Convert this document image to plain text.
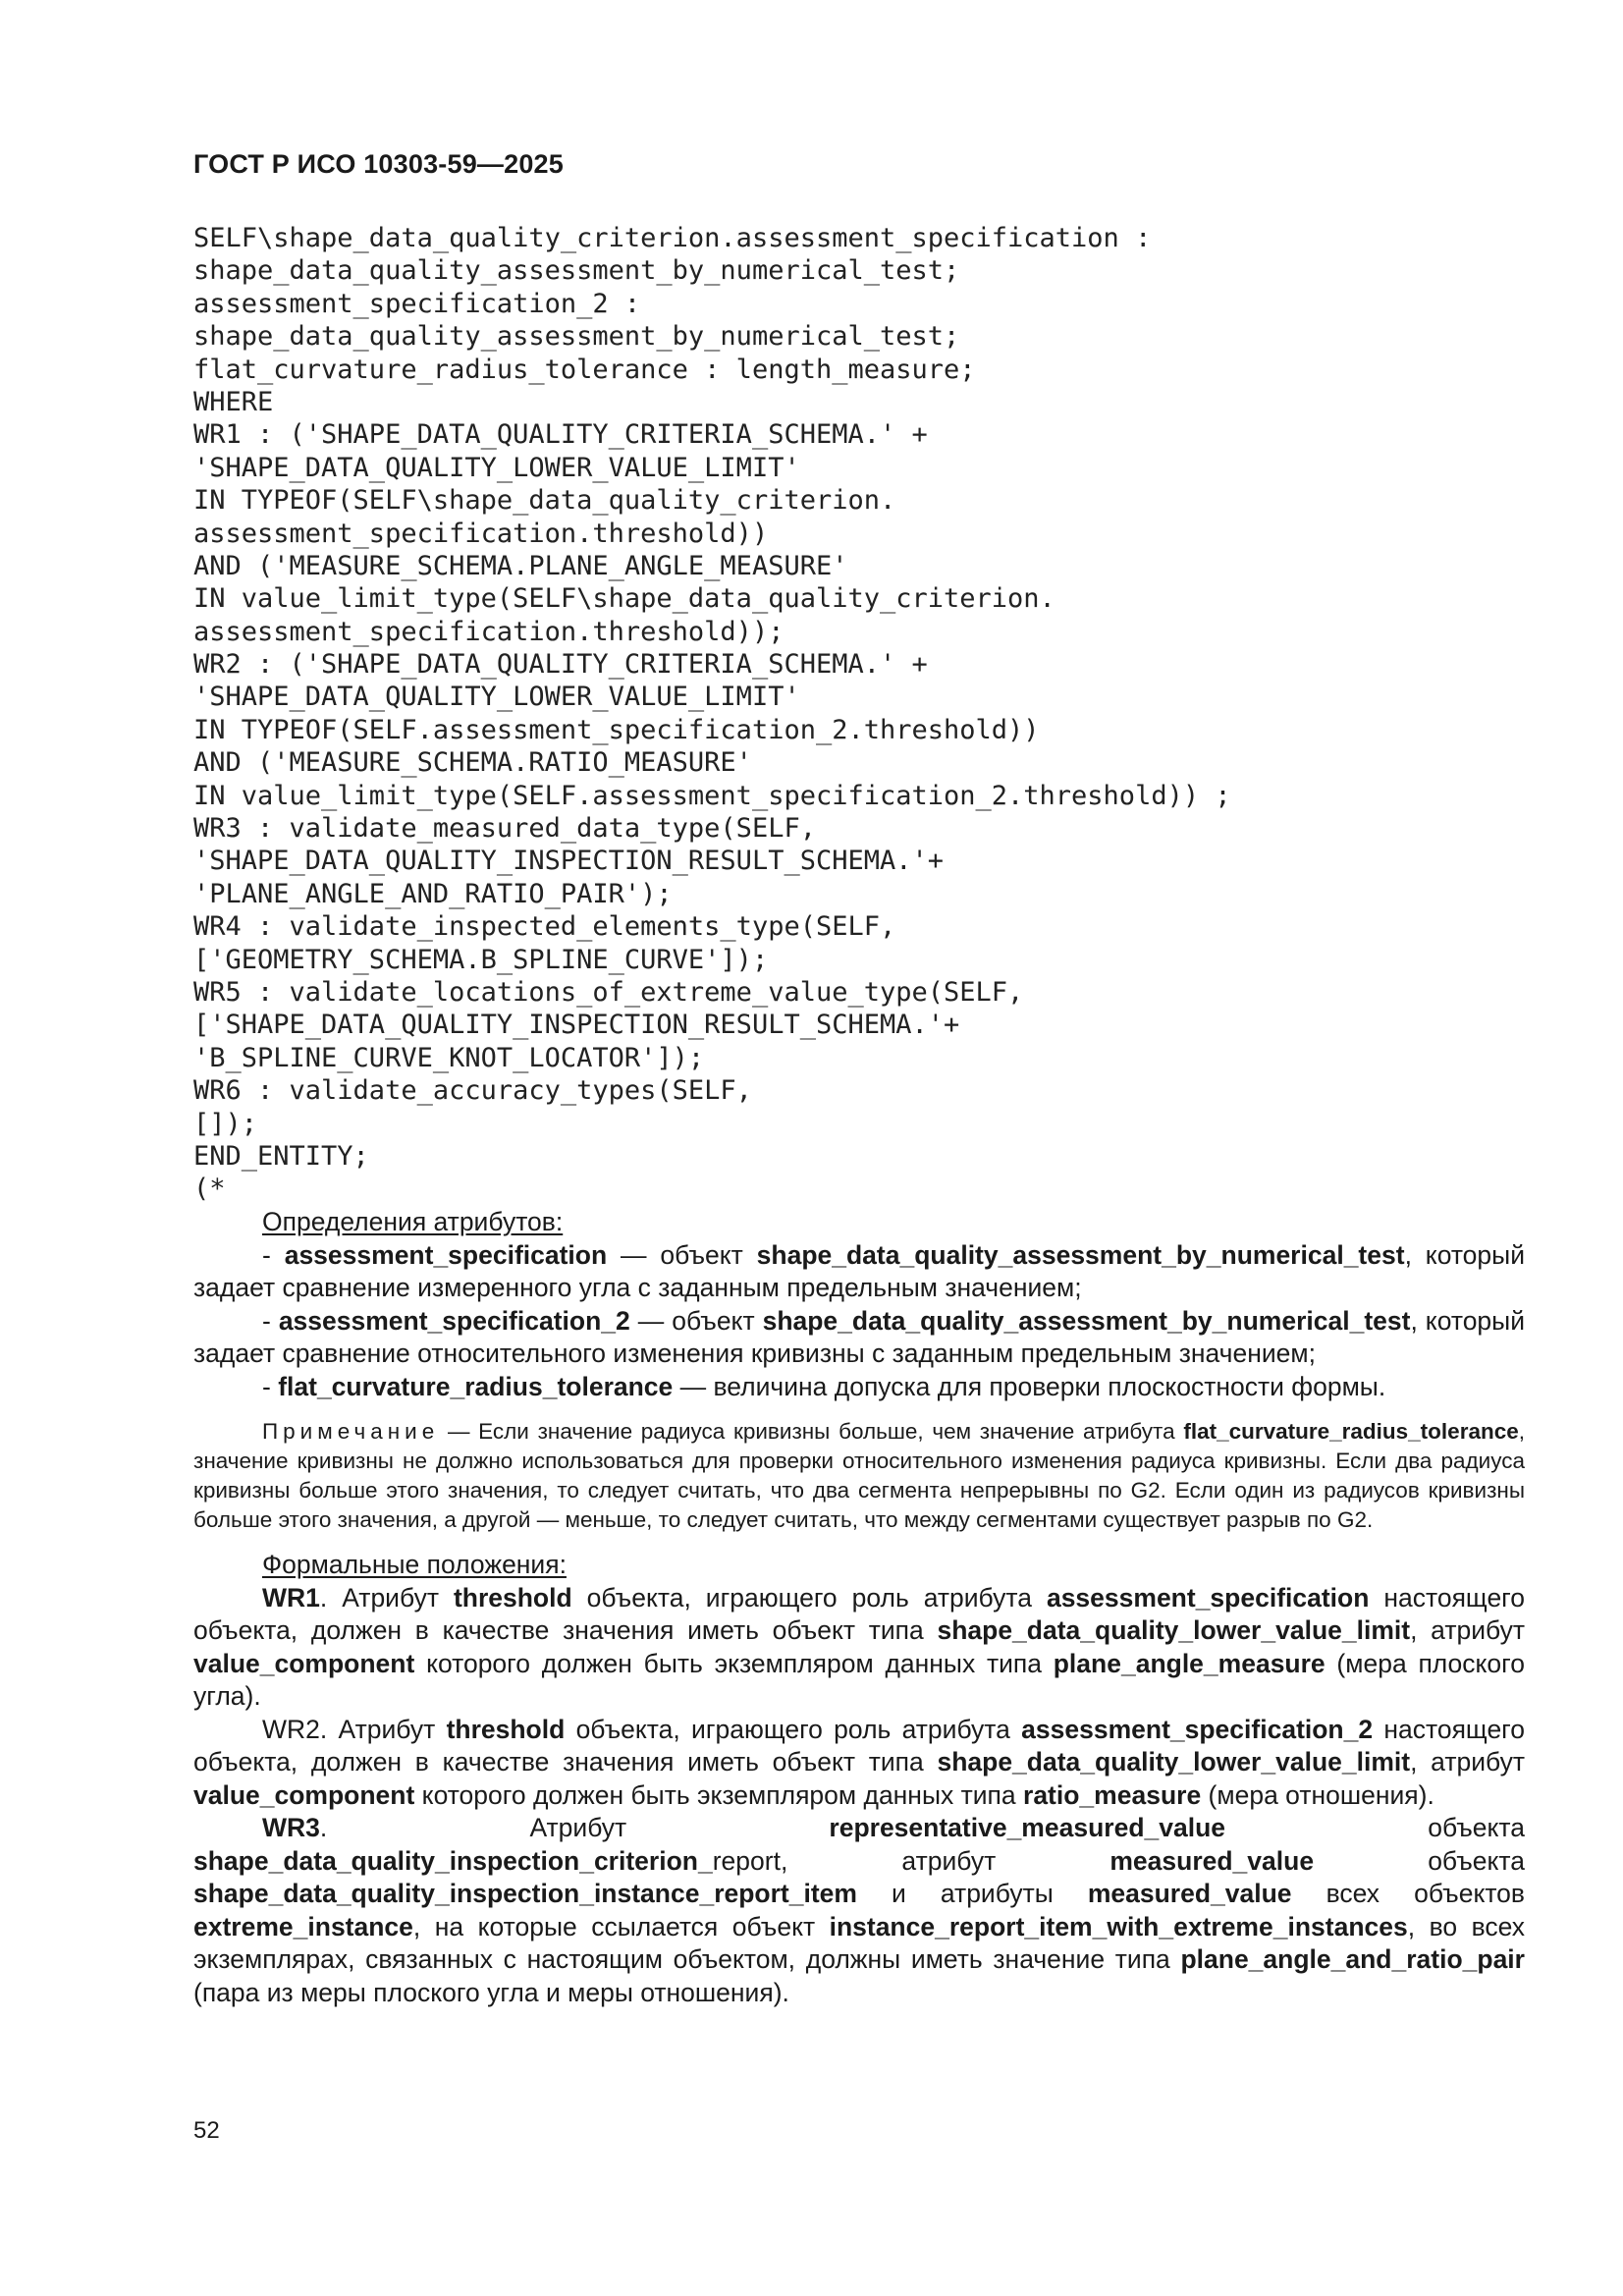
ГОСТ Р ИСО 10303-59—2025
SELF\shape_data_quality_criterion.assessment_specification :
shape_data_quality_assessment_by_numerical_test;
assessment_specification_2 :
shape_data_quality_assessment_by_numerical_test;
flat_curvature_radius_tolerance : length_measure;
WHERE
WR1 : ('SHAPE_DATA_QUALITY_CRITERIA_SCHEMA.' +
'SHAPE_DATA_QUALITY_LOWER_VALUE_LIMIT'
IN TYPEOF(SELF\shape_data_quality_criterion.
assessment_specification.threshold))
AND ('MEASURE_SCHEMA.PLANE_ANGLE_MEASURE'
IN value_limit_type(SELF\shape_data_quality_criterion.
assessment_specification.threshold));
WR2 : ('SHAPE_DATA_QUALITY_CRITERIA_SCHEMA.' +
'SHAPE_DATA_QUALITY_LOWER_VALUE_LIMIT'
IN TYPEOF(SELF.assessment_specification_2.threshold))
AND ('MEASURE_SCHEMA.RATIO_MEASURE'
IN value_limit_type(SELF.assessment_specification_2.threshold)) ;
WR3 : validate_measured_data_type(SELF,
'SHAPE_DATA_QUALITY_INSPECTION_RESULT_SCHEMA.'+
'PLANE_ANGLE_AND_RATIO_PAIR');
WR4 : validate_inspected_elements_type(SELF,
['GEOMETRY_SCHEMA.B_SPLINE_CURVE']);
WR5 : validate_locations_of_extreme_value_type(SELF,
['SHAPE_DATA_QUALITY_INSPECTION_RESULT_SCHEMA.'+
'B_SPLINE_CURVE_KNOT_LOCATOR']);
WR6 : validate_accuracy_types(SELF,
[]);
END_ENTITY;
(*

Определения атрибутов:

- assessment_specification — объект shape_data_quality_assessment_by_numerical_test, который задает сравнение измеренного угла с заданным предельным значением;

- assessment_specification_2 — объект shape_data_quality_assessment_by_numerical_test, который задает сравнение относительного изменения кривизны с заданным предельным значением;

- flat_curvature_radius_tolerance — величина допуска для проверки плоскостности формы.

Примечание — Если значение радиуса кривизны больше, чем значение атрибута flat_curvature_radius_tolerance, значение кривизны не должно использоваться для проверки относительного изменения радиуса кривизны. Если два радиуса кривизны больше этого значения, то следует считать, что два сегмента непрерывны по G2. Если один из радиусов кривизны больше этого значения, а другой — меньше, то следует считать, что между сегментами существует разрыв по G2.

Формальные положения:

WR1. Атрибут threshold объекта, играющего роль атрибута assessment_specification настоящего объекта, должен в качестве значения иметь объект типа shape_data_quality_lower_value_limit, атрибут value_component которого должен быть экземпляром данных типа plane_angle_measure (мера плоского угла).

WR2. Атрибут threshold объекта, играющего роль атрибута assessment_specification_2 настоящего объекта, должен в качестве значения иметь объект типа shape_data_quality_lower_value_limit, атрибут value_component которого должен быть экземпляром данных типа ratio_measure (мера отношения).

WR3. Атрибут representative_measured_value объекта shape_data_quality_inspection_criterion_report, атрибут measured_value объекта shape_data_quality_inspection_instance_report_item и атрибуты measured_value всех объектов extreme_instance, на которые ссылается объект instance_report_item_with_extreme_instances, во всех экземплярах, связанных с настоящим объектом, должны иметь значение типа plane_angle_and_ratio_pair (пара из меры плоского угла и меры отношения).

52
